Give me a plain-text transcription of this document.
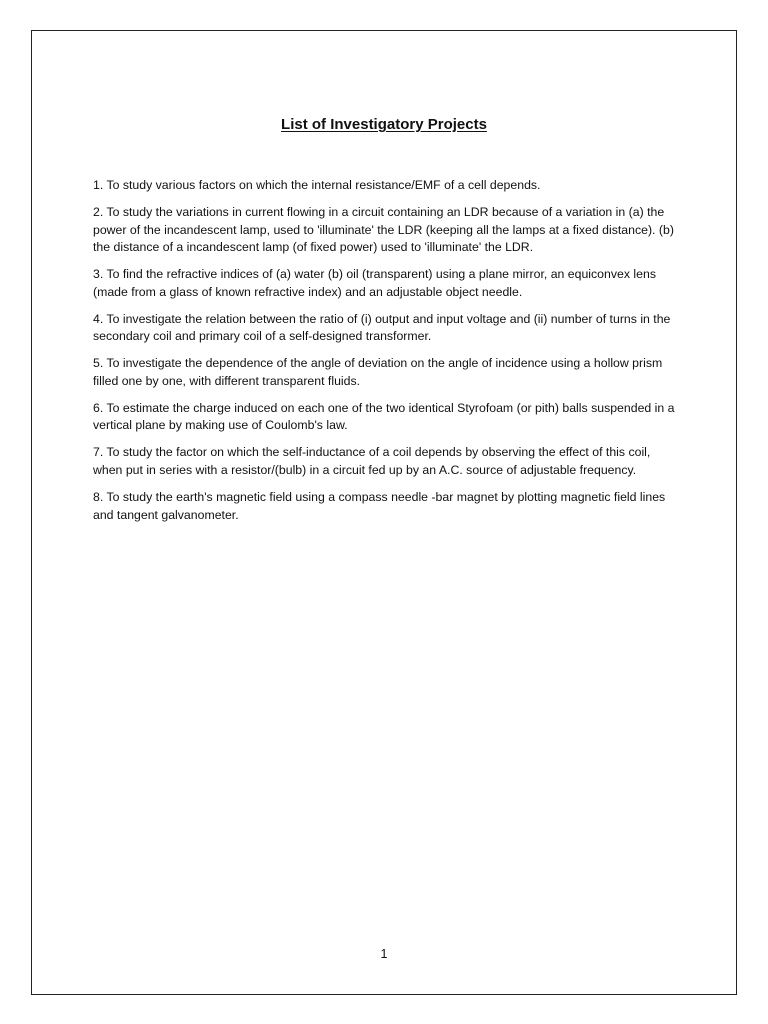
List of Investigatory Projects
1. To study various factors on which the internal resistance/EMF of a cell depends.
2. To study the variations in current flowing in a circuit containing an LDR because of a variation in (a) the power of the incandescent lamp, used to 'illuminate' the LDR (keeping all the lamps at a fixed distance). (b) the distance of a incandescent lamp (of fixed power) used to 'illuminate' the LDR.
3. To find the refractive indices of (a) water (b) oil (transparent) using a plane mirror, an equiconvex lens (made from a glass of known refractive index) and an adjustable object needle.
4. To investigate the relation between the ratio of (i) output and input voltage and (ii) number of turns in the secondary coil and primary coil of a self-designed transformer.
5. To investigate the dependence of the angle of deviation on the angle of incidence using a hollow prism filled one by one, with different transparent fluids.
6. To estimate the charge induced on each one of the two identical Styrofoam (or pith) balls suspended in a vertical plane by making use of Coulomb's law.
7. To study the factor on which the self-inductance of a coil depends by observing the effect of this coil, when put in series with a resistor/(bulb) in a circuit fed up by an A.C. source of adjustable frequency.
8. To study the earth's magnetic field using a compass needle -bar magnet by plotting magnetic field lines and tangent galvanometer.
1
